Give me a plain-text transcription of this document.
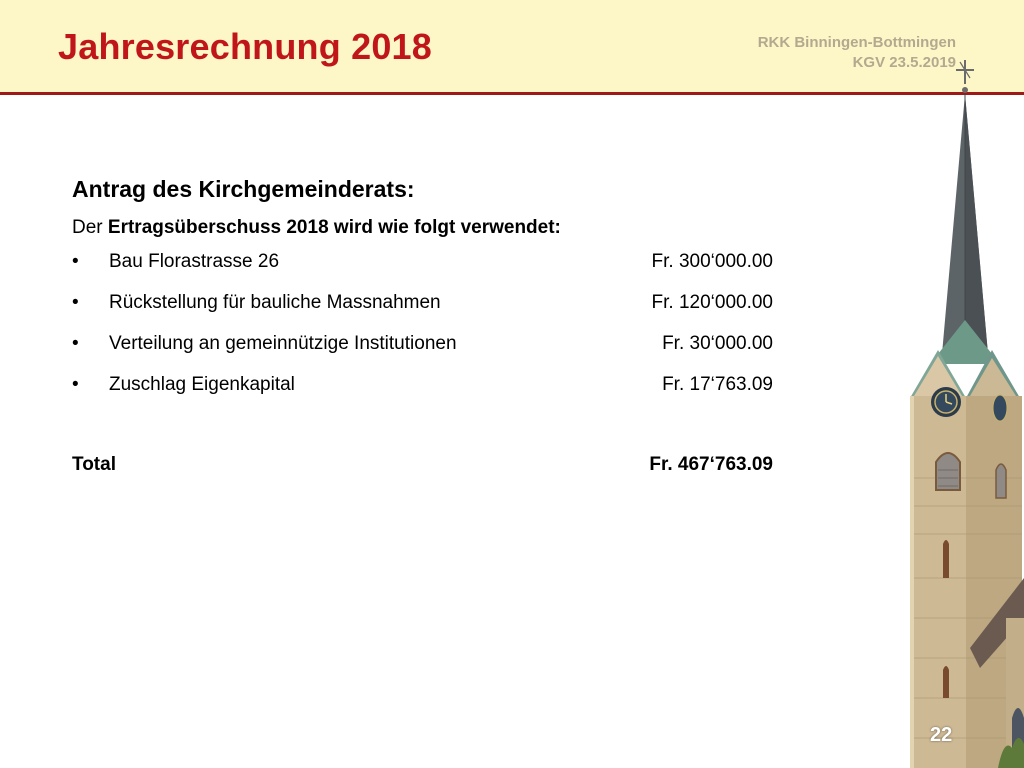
Jahresrechnung 2018	RKK Binningen-Bottmingen
KGV 23.5.2019
Antrag des Kirchgemeinderats:
Der Ertragsüberschuss 2018 wird wie folgt verwendet:
• Bau Florastrasse 26	Fr. 300‘000.00
• Rückstellung für bauliche Massnahmen	Fr. 120‘000.00
• Verteilung an gemeinnützige Institutionen	Fr. 30‘000.00
• Zuschlag Eigenkapital	Fr. 17‘763.09
Total	Fr. 467‘763.09
22
